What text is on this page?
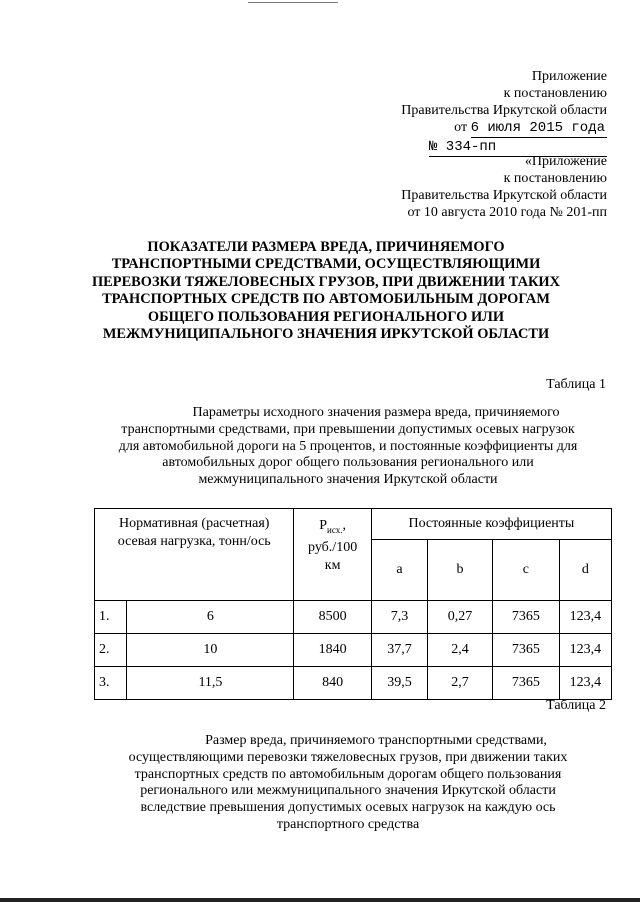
Приложение
к постановлению
Правительства Иркутской области
от 6 июля 2015 года
№ 334-пп
«Приложение
к постановлению
Правительства Иркутской области
от 10 августа 2010 года № 201-пп
ПОКАЗАТЕЛИ РАЗМЕРА ВРЕДА, ПРИЧИНЯЕМОГО
ТРАНСПОРТНЫМИ СРЕДСТВАМИ, ОСУЩЕСТВЛЯЮЩИМИ
ПЕРЕВОЗКИ ТЯЖЕЛОВЕСНЫХ ГРУЗОВ, ПРИ ДВИЖЕНИИ ТАКИХ
ТРАНСПОРТНЫХ СРЕДСТВ ПО АВТОМОБИЛЬНЫМ ДОРОГАМ
ОБЩЕГО ПОЛЬЗОВАНИЯ РЕГИОНАЛЬНОГО ИЛИ
МЕЖМУНИЦИПАЛЬНОГО ЗНАЧЕНИЯ ИРКУТСКОЙ ОБЛАСТИ
Таблица 1
Параметры исходного значения размера вреда, причиняемого
транспортными средствами, при превышении допустимых осевых нагрузок
для автомобильной дороги на 5 процентов, и постоянные коэффициенты для
автомобильных дорог общего пользования регионального или
межмуниципального значения Иркутской области
Нормативная (расчетная)
осевая нагрузка, тонн/ось		$P_{исх.}$,
руб./100
км	Постоянные коэффициенты			
			a	b	c	d
1.	6	8500	7,3	0,27	7365	123,4
2.	10	1840	37,7	2,4	7365	123,4
3.	11,5	840	39,5	2,7	7365	123,4
Таблица 2
Размер вреда, причиняемого транспортными средствами,
осуществляющими перевозки тяжеловесных грузов, при движении таких
транспортных средств по автомобильным дорогам общего пользования
регионального или межмуниципального значения Иркутской области
вследствие превышения допустимых осевых нагрузок на каждую ось
транспортного средства
